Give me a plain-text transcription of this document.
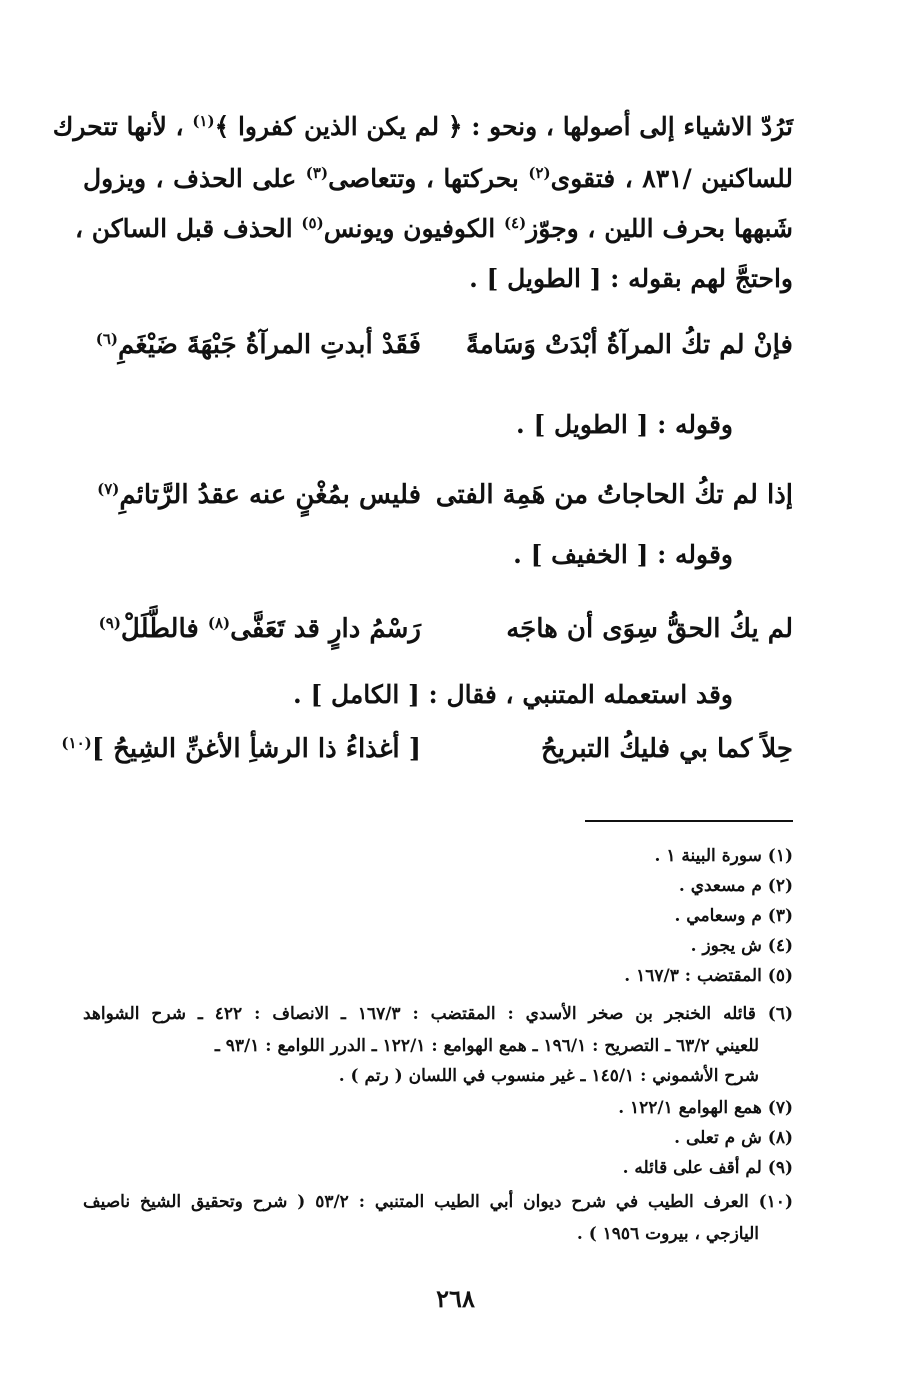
تَرُدّ الاشياء إلى أصولها ، ونحو : ﴿ لم يكن الذين كفروا ﴾$^{(١)}$ ، لأنها تتحرك
للساكنين /٨٣١ ، فتقوى$^{(٢)}$ بحركتها ، وتتعاصى$^{(٣)}$ على الحذف ، ويزول
شَبهها بحرف اللين ، وجوّز$^{(٤)}$ الكوفيون ويونس$^{(٥)}$ الحذف قبل الساكن ،
واحتجَّ لهم بقوله : [ الطويل ] .
فإنْ لم تكُ المرآةُ أبْدَتْ وَسَامةً
فَقَدْ أبدتِ المرآةُ جَبْهَةَ ضَيْغَمِ$^{(٦)}$
وقوله : [ الطويل ] .
إذا لم تكُ الحاجاتُ من هَمِة الفتى
فليس بمُغْنٍ عنه عقدُ الرَّتائمِ$^{(٧)}$
وقوله : [ الخفيف ] .
لم يكُ الحقُّ سِوَى أن هاجَه
رَسْمُ دارٍ قد تَعَفَّى$^{(٨)}$ فالطَّلَلْ$^{(٩)}$
وقد استعمله المتنبي ، فقال : [ الكامل ] .
حِلاً كما بي فليكُ التبريحُ
[ أغذاءُ ذا الرشأِ الأغنِّ الشِيحُ ]$^{(١٠)}$
(١) سورة البينة ١ .
(٢) م مسعدي .
(٣) م وسعامي .
(٤) ش يجوز .
(٥) المقتضب : ١٦٧/٣ .
(٦) قائله الخنجر بن صخر الأسدي : المقتضب : ١٦٧/٣ ـ الانصاف : ٤٢٢ ـ شرح الشواهد
للعيني ٦٣/٢ ـ التصريح : ١٩٦/١ ـ همع الهوامع : ١٢٢/١ ـ الدرر اللوامع : ٩٣/١ ـ
شرح الأشموني : ١٤٥/١ ـ غير منسوب في اللسان ( رتم ) .
(٧) همع الهوامع ١٢٢/١ .
(٨) ش م تعلى .
(٩) لم أقف على قائله .
(١٠) العرف الطيب في شرح ديوان أبي الطيب المتنبي : ٥٣/٢ ( شرح وتحقيق الشيخ ناصيف
اليازجي ، بيروت ١٩٥٦ ) .
٢٦٨
